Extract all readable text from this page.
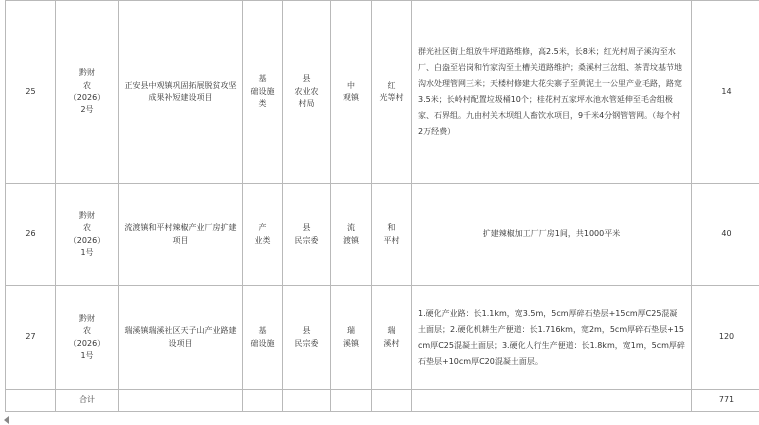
25	黔财
农
（2026）
2号	正安县中观镇巩固拓展脱贫攻坚成果补短建设项目	基
础设施
类	县
农业农
村局	中
观镇	红
光等村	群光社区街上组放牛坪道路维修，高2.5米，长8米；红光村周子溪沟至水厂、白盎至岩岗和竹家沟至土槽关道路维护；桑溪村三岔组、茶青坟基节地沟水处理管网三米；天楼村修建大花尖寨子至黄泥土一公里产业毛路，路宽3.5米；长岭村配置垃圾桶10个；桂花村五家坪水池水管延伸至毛舍组极家、石界组。九由村关木坝组人畜饮水项目，9千米4分钢管管网。（每个村2万经费）	14		
26	黔财
农
（2026）
1号	流渡镇和平村辣椒产业厂房扩建项目	产
业类	县
民宗委	流
渡镇	和
平村	扩建辣椒加工厂厂房1间，共1000平米	40		
27	黔财
农
（2026）
1号	瑞溪镇瑞溪社区天子山产业路建设项目	基
础设施	县
民宗委	瑞
溪镇	瑞
溪村	1.硬化产业路：长1.1km，宽3.5m，5cm厚碎石垫层+15cm厚C25混凝土面层；2.硬化机耕生产便道：长1.716km，宽2m，5cm厚碎石垫层+15cm厚C25混凝土面层；3.硬化人行生产便道：长1.8km，宽1m，5cm厚碎石垫层+10cm厚C20混凝土面层。	120		
	合计							771		
